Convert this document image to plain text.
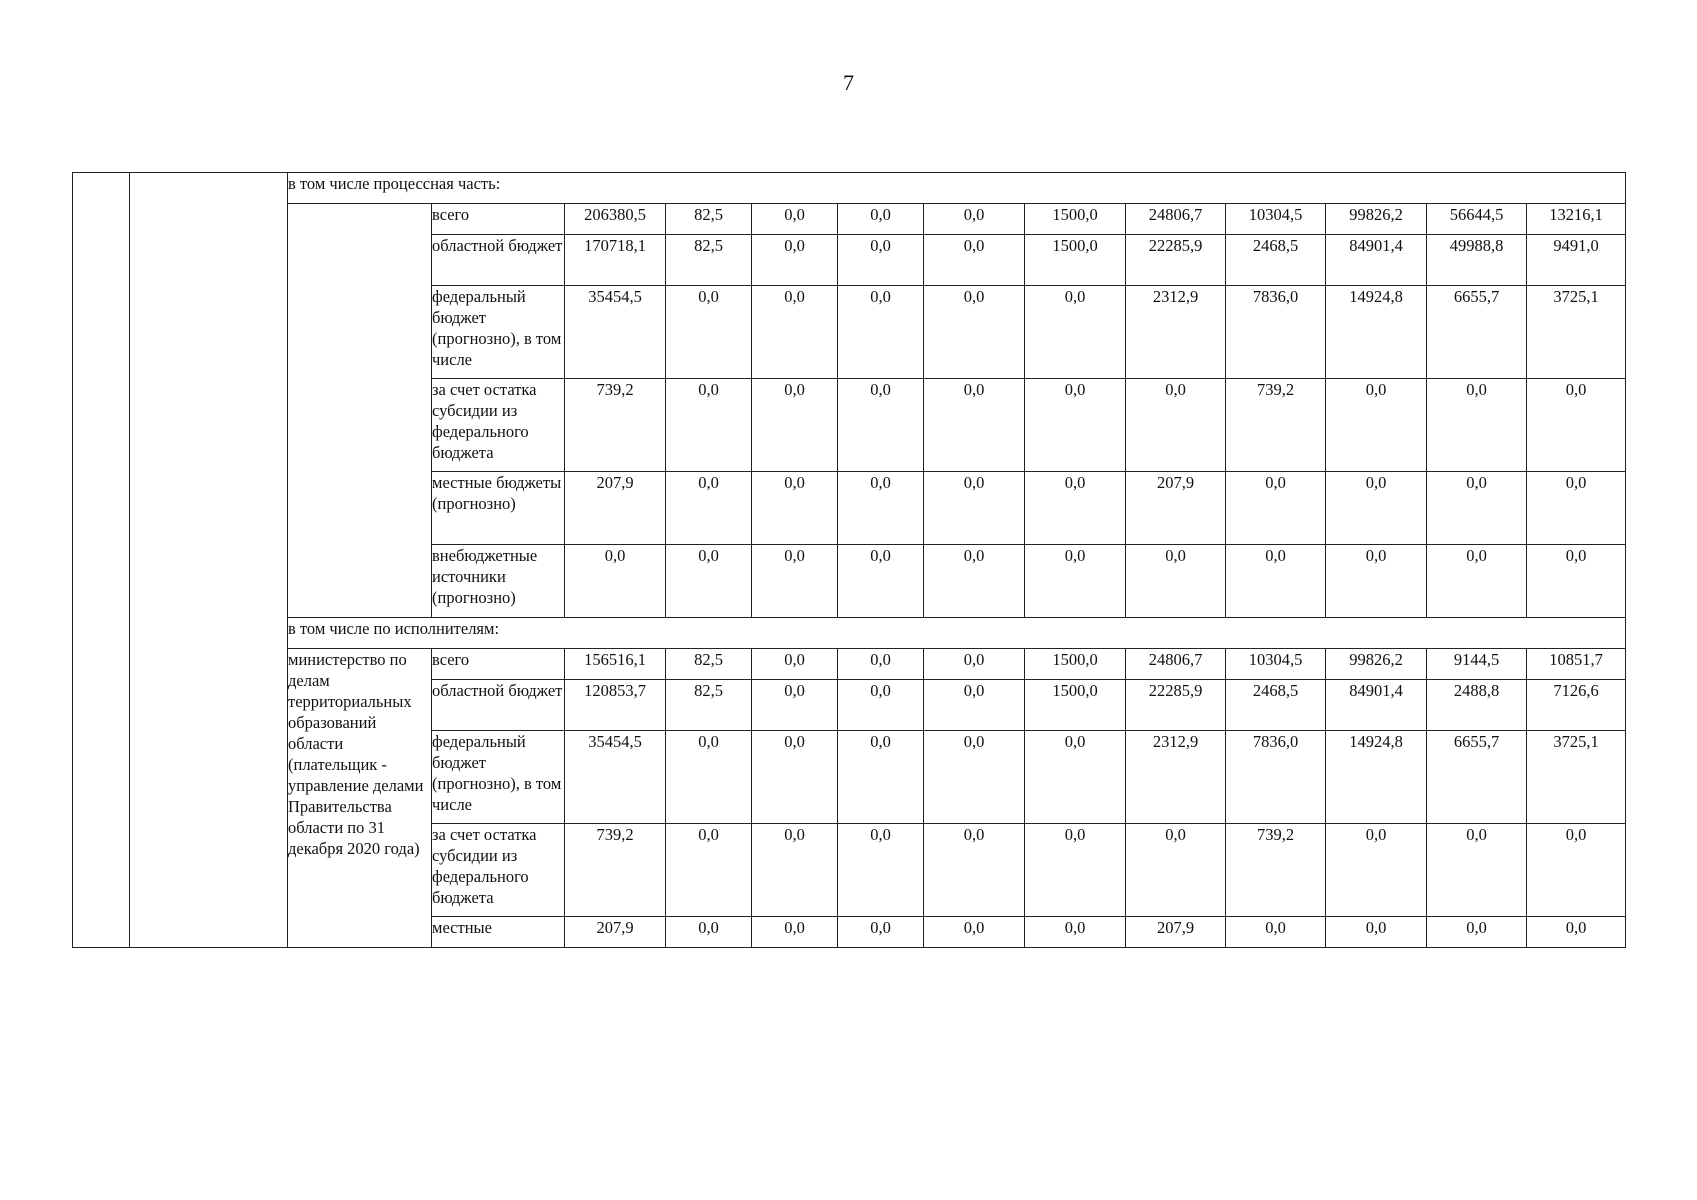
7
		в том числе процессная часть:												
			всего	206380,5	82,5	0,0	0,0	0,0	1500,0	24806,7	10304,5	99826,2	56644,5	13216,1
			областной бюджет	170718,1	82,5	0,0	0,0	0,0	1500,0	22285,9	2468,5	84901,4	49988,8	9491,0
			федеральный бюджет (прогнозно), в том числе	35454,5	0,0	0,0	0,0	0,0	0,0	2312,9	7836,0	14924,8	6655,7	3725,1
			за счет остатка субсидии из федерального бюджета	739,2	0,0	0,0	0,0	0,0	0,0	0,0	739,2	0,0	0,0	0,0
			местные бюджеты (прогнозно)	207,9	0,0	0,0	0,0	0,0	0,0	207,9	0,0	0,0	0,0	0,0
			внебюджетные источники (прогнозно)	0,0	0,0	0,0	0,0	0,0	0,0	0,0	0,0	0,0	0,0	0,0
		в том числе по исполнителям:												
		министерство по делам территориальных образований области (плательщик - управление делами Правительства области по 31 декабря 2020 года)	всего	156516,1	82,5	0,0	0,0	0,0	1500,0	24806,7	10304,5	99826,2	9144,5	10851,7
			областной бюджет	120853,7	82,5	0,0	0,0	0,0	1500,0	22285,9	2468,5	84901,4	2488,8	7126,6
			федеральный бюджет (прогнозно), в том числе	35454,5	0,0	0,0	0,0	0,0	0,0	2312,9	7836,0	14924,8	6655,7	3725,1
			за счет остатка субсидии из федерального бюджета	739,2	0,0	0,0	0,0	0,0	0,0	0,0	739,2	0,0	0,0	0,0
			местные	207,9	0,0	0,0	0,0	0,0	0,0	207,9	0,0	0,0	0,0	0,0
